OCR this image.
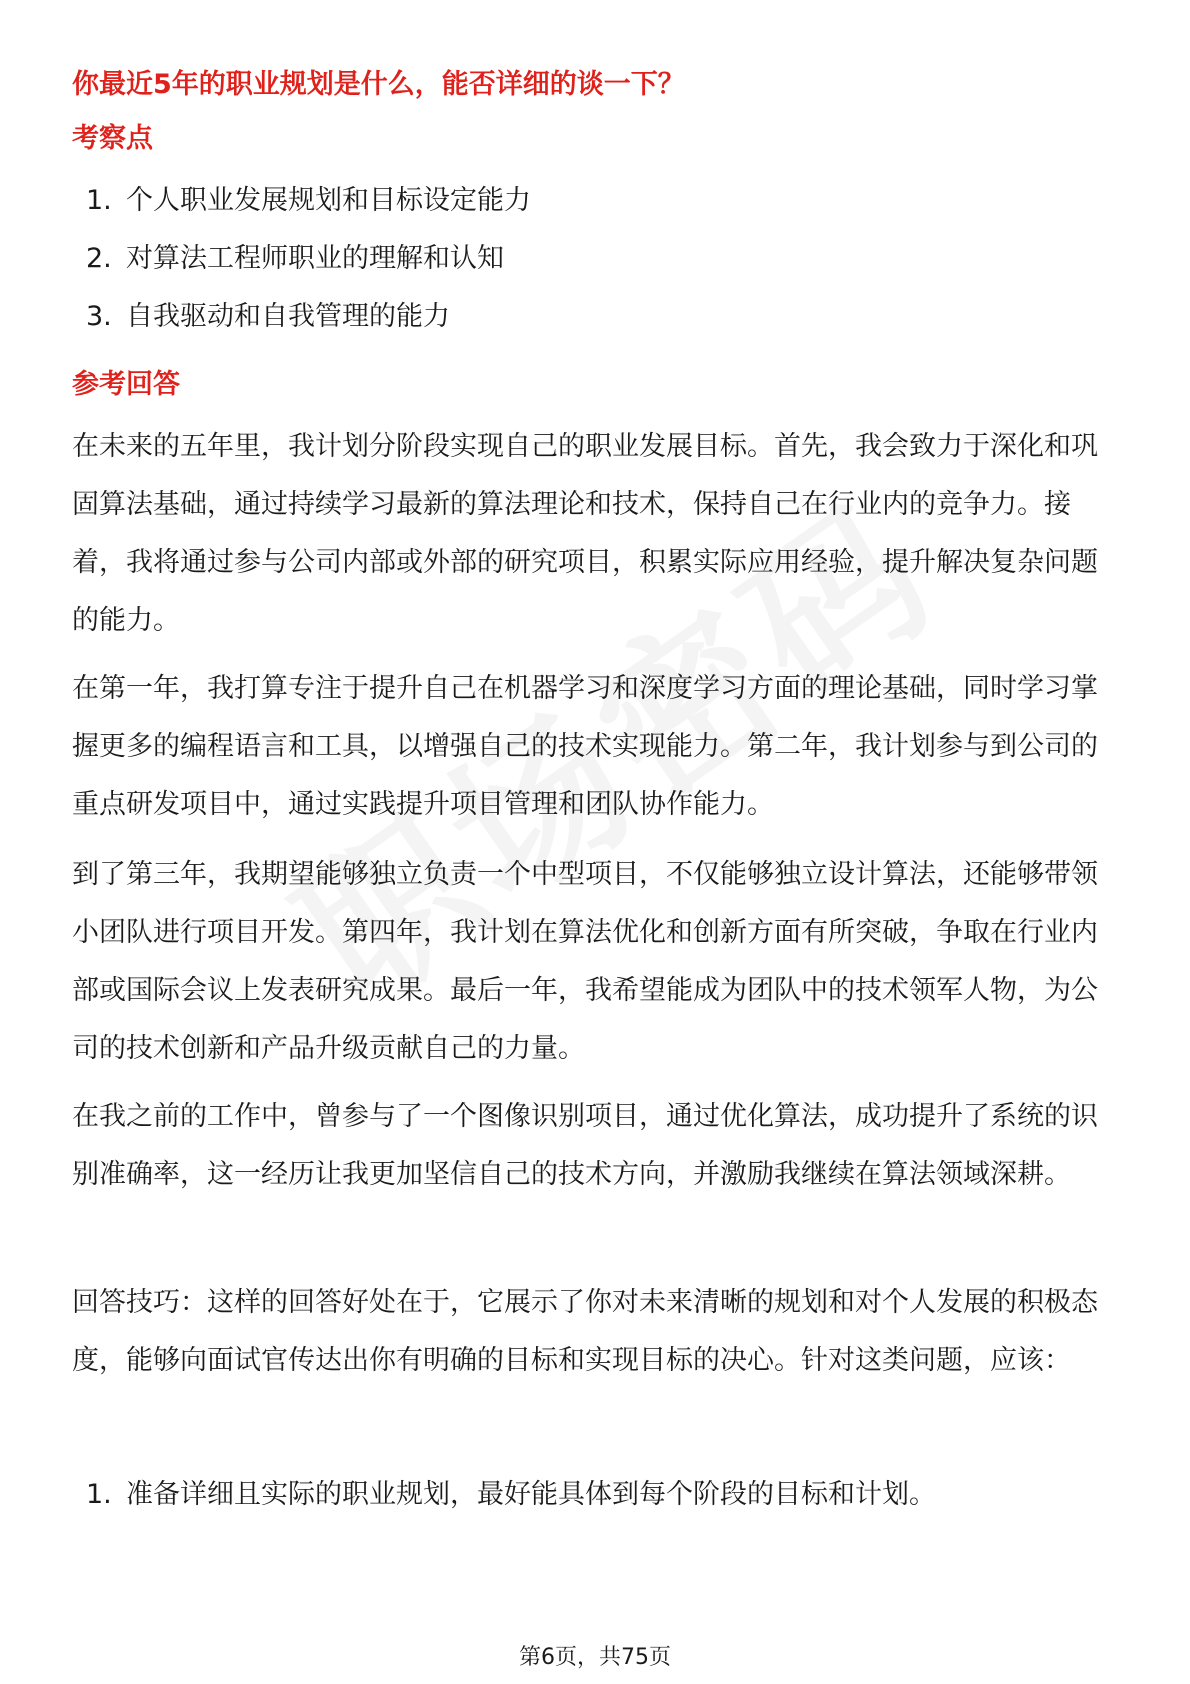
你最近5年的职业规划是什么，能否详细的谈一下？
考察点
1. 个人职业发展规划和目标设定能力
2. 对算法工程师职业的理解和认知
3. 自我驱动和自我管理的能力
参考回答

在未来的五年里，我计划分阶段实现自己的职业发展目标。首先，我会致力于深化和巩固算法基础，通过持续学习最新的算法理论和技术，保持自己在行业内的竞争力。接着，我将通过参与公司内部或外部的研究项目，积累实际应用经验，提升解决复杂问题的能力。

在第一年，我打算专注于提升自己在机器学习和深度学习方面的理论基础，同时学习掌握更多的编程语言和工具，以增强自己的技术实现能力。第二年，我计划参与到公司的重点研发项目中，通过实践提升项目管理和团队协作能力。

到了第三年，我期望能够独立负责一个中型项目，不仅能够独立设计算法，还能够带领小团队进行项目开发。第四年，我计划在算法优化和创新方面有所突破，争取在行业内部或国际会议上发表研究成果。最后一年，我希望能成为团队中的技术领军人物，为公司的技术创新和产品升级贡献自己的力量。

在我之前的工作中，曾参与了一个图像识别项目，通过优化算法，成功提升了系统的识别准确率，这一经历让我更加坚信自己的技术方向，并激励我继续在算法领域深耕。

回答技巧：这样的回答好处在于，它展示了你对未来清晰的规划和对个人发展的积极态度，能够向面试官传达出你有明确的目标和实现目标的决心。针对这类问题，应该：

1. 准备详细且实际的职业规划，最好能具体到每个阶段的目标和计划。
第6页，共75页
